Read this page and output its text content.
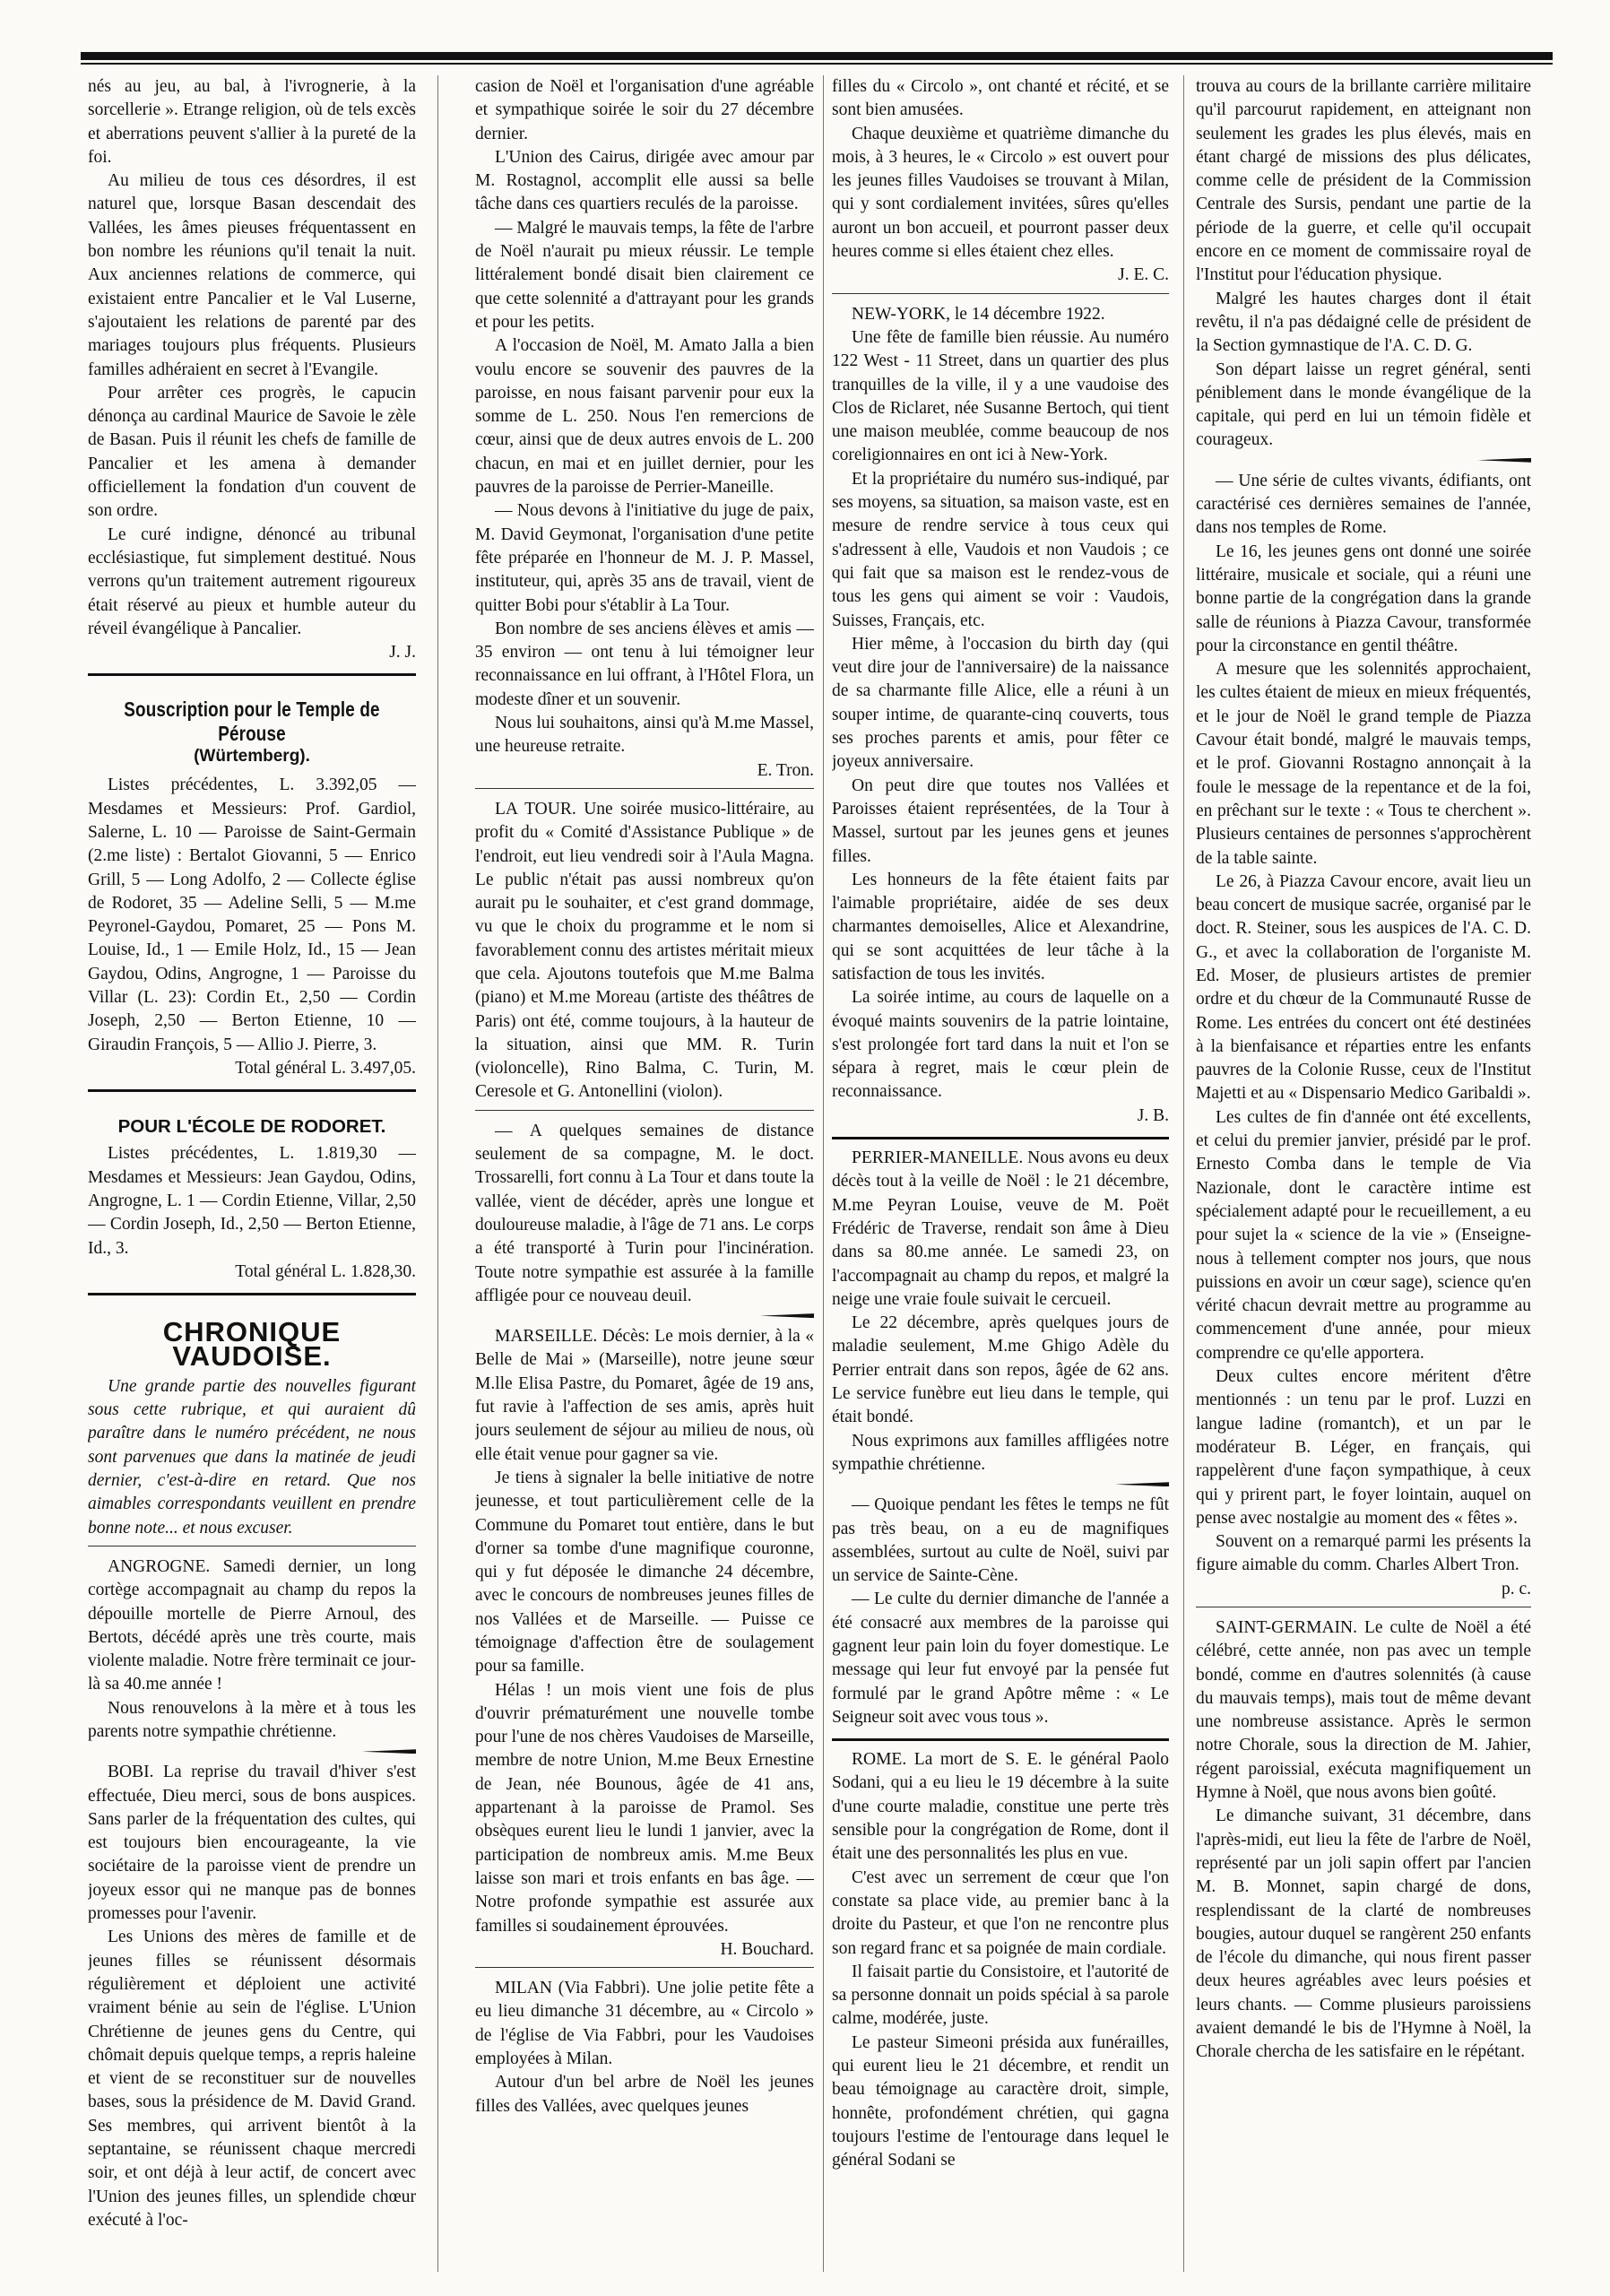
nés au jeu, au bal, à l'ivrognerie, à la sorcellerie ». Etrange religion, où de tels excès et aberrations peuvent s'allier à la pureté de la foi.

Au milieu de tous ces désordres, il est naturel que, lorsque Basan descendait des Vallées, les âmes pieuses fréquentassent en bon nombre les réunions qu'il tenait la nuit. Aux anciennes relations de commerce, qui existaient entre Pancalier et le Val Luserne, s'ajoutaient les relations de parenté par des mariages toujours plus fréquents. Plusieurs familles adhéraient en secret à l'Evangile.

Pour arrêter ces progrès, le capucin dénonça au cardinal Maurice de Savoie le zèle de Basan. Puis il réunit les chefs de famille de Pancalier et les amena à demander officiellement la fondation d'un couvent de son ordre.

Le curé indigne, dénoncé au tribunal ecclésiastique, fut simplement destitué. Nous verrons qu'un traitement autrement rigoureux était réservé au pieux et humble auteur du réveil évangélique à Pancalier.

J. J.

Souscription pour le Temple de Pérouse
(Würtemberg).

Listes précédentes, L. 3.392,05 — Mesdames et Messieurs: Prof. Gardiol, Salerne, L. 10 — Paroisse de Saint-Germain (2.me liste) : Bertalot Giovanni, 5 — Enrico Grill, 5 — Long Adolfo, 2 — Collecte église de Rodoret, 35 — Adeline Selli, 5 — M.me Peyronel-Gaydou, Pomaret, 25 — Pons M. Louise, Id., 1 — Emile Holz, Id., 15 — Jean Gaydou, Odins, Angrogne, 1 — Paroisse du Villar (L. 23): Cordin Et., 2,50 — Cordin Joseph, 2,50 — Berton Etienne, 10 — Giraudin François, 5 — Allio J. Pierre, 3.

Total général L. 3.497,05.

POUR L'ÉCOLE DE RODORET.

Listes précédentes, L. 1.819,30 — Mesdames et Messieurs: Jean Gaydou, Odins, Angrogne, L. 1 — Cordin Etienne, Villar, 2,50 — Cordin Joseph, Id., 2,50 — Berton Etienne, Id., 3.

Total général L. 1.828,30.

CHRONIQUE VAUDOISE.

Une grande partie des nouvelles figurant sous cette rubrique, et qui auraient dû paraître dans le numéro précédent, ne nous sont parvenues que dans la matinée de jeudi dernier, c'est-à-dire en retard. Que nos aimables correspondants veuillent en prendre bonne note... et nous excuser.

ANGROGNE. Samedi dernier, un long cortège accompagnait au champ du repos la dépouille mortelle de Pierre Arnoul, des Bertots, décédé après une très courte, mais violente maladie. Notre frère terminait ce jour-là sa 40.me année !

Nous renouvelons à la mère et à tous les parents notre sympathie chrétienne.

BOBI. La reprise du travail d'hiver s'est effectuée, Dieu merci, sous de bons auspices. Sans parler de la fréquentation des cultes, qui est toujours bien encourageante, la vie sociétaire de la paroisse vient de prendre un joyeux essor qui ne manque pas de bonnes promesses pour l'avenir.

Les Unions des mères de famille et de jeunes filles se réunissent désormais régulièrement et déploient une activité vraiment bénie au sein de l'église. L'Union Chrétienne de jeunes gens du Centre, qui chômait depuis quelque temps, a repris haleine et vient de se reconstituer sur de nouvelles bases, sous la présidence de M. David Grand. Ses membres, qui arrivent bientôt à la septantaine, se réunissent chaque mercredi soir, et ont déjà à leur actif, de concert avec l'Union des jeunes filles, un splendide chœur exécuté à l'oc-

casion de Noël et l'organisation d'une agréable et sympathique soirée le soir du 27 décembre dernier.

L'Union des Cairus, dirigée avec amour par M. Rostagnol, accomplit elle aussi sa belle tâche dans ces quartiers reculés de la paroisse.

— Malgré le mauvais temps, la fête de l'arbre de Noël n'aurait pu mieux réussir. Le temple littéralement bondé disait bien clairement ce que cette solennité a d'attrayant pour les grands et pour les petits.

A l'occasion de Noël, M. Amato Jalla a bien voulu encore se souvenir des pauvres de la paroisse, en nous faisant parvenir pour eux la somme de L. 250. Nous l'en remercions de cœur, ainsi que de deux autres envois de L. 200 chacun, en mai et en juillet dernier, pour les pauvres de la paroisse de Perrier-Maneille.

— Nous devons à l'initiative du juge de paix, M. David Geymonat, l'organisation d'une petite fête préparée en l'honneur de M. J. P. Massel, instituteur, qui, après 35 ans de travail, vient de quitter Bobi pour s'établir à La Tour.

Bon nombre de ses anciens élèves et amis — 35 environ — ont tenu à lui témoigner leur reconnaissance en lui offrant, à l'Hôtel Flora, un modeste dîner et un souvenir.

Nous lui souhaitons, ainsi qu'à M.me Massel, une heureuse retraite.

E. Tron.

LA TOUR. Une soirée musico-littéraire, au profit du « Comité d'Assistance Publique » de l'endroit, eut lieu vendredi soir à l'Aula Magna. Le public n'était pas aussi nombreux qu'on aurait pu le souhaiter, et c'est grand dommage, vu que le choix du programme et le nom si favorablement connu des artistes méritait mieux que cela. Ajoutons toutefois que M.me Balma (piano) et M.me Moreau (artiste des théâtres de Paris) ont été, comme toujours, à la hauteur de la situation, ainsi que MM. R. Turin (violoncelle), Rino Balma, C. Turin, M. Ceresole et G. Antonellini (violon).

— A quelques semaines de distance seulement de sa compagne, M. le doct. Trossarelli, fort connu à La Tour et dans toute la vallée, vient de décéder, après une longue et douloureuse maladie, à l'âge de 71 ans. Le corps a été transporté à Turin pour l'incinération. Toute notre sympathie est assurée à la famille affligée pour ce nouveau deuil.

MARSEILLE. Décès: Le mois dernier, à la « Belle de Mai » (Marseille), notre jeune sœur M.lle Elisa Pastre, du Pomaret, âgée de 19 ans, fut ravie à l'affection de ses amis, après huit jours seulement de séjour au milieu de nous, où elle était venue pour gagner sa vie.

Je tiens à signaler la belle initiative de notre jeunesse, et tout particulièrement celle de la Commune du Pomaret tout entière, dans le but d'orner sa tombe d'une magnifique couronne, qui y fut déposée le dimanche 24 décembre, avec le concours de nombreuses jeunes filles de nos Vallées et de Marseille. — Puisse ce témoignage d'affection être de soulagement pour sa famille.

Hélas ! un mois vient une fois de plus d'ouvrir prématurément une nouvelle tombe pour l'une de nos chères Vaudoises de Marseille, membre de notre Union, M.me Beux Ernestine de Jean, née Bounous, âgée de 41 ans, appartenant à la paroisse de Pramol. Ses obsèques eurent lieu le lundi 1 janvier, avec la participation de nombreux amis. M.me Beux laisse son mari et trois enfants en bas âge. — Notre profonde sympathie est assurée aux familles si soudainement éprouvées.

H. Bouchard.

MILAN (Via Fabbri). Une jolie petite fête a eu lieu dimanche 31 décembre, au « Circolo » de l'église de Via Fabbri, pour les Vaudoises employées à Milan.

Autour d'un bel arbre de Noël les jeunes filles des Vallées, avec quelques jeunes

filles du « Circolo », ont chanté et récité, et se sont bien amusées.

Chaque deuxième et quatrième dimanche du mois, à 3 heures, le « Circolo » est ouvert pour les jeunes filles Vaudoises se trouvant à Milan, qui y sont cordialement invitées, sûres qu'elles auront un bon accueil, et pourront passer deux heures comme si elles étaient chez elles.

J. E. C.

NEW-YORK, le 14 décembre 1922.

Une fête de famille bien réussie. Au numéro 122 West - 11 Street, dans un quartier des plus tranquilles de la ville, il y a une vaudoise des Clos de Riclaret, née Susanne Bertoch, qui tient une maison meublée, comme beaucoup de nos coreligionnaires en ont ici à New-York.

Et la propriétaire du numéro sus-indiqué, par ses moyens, sa situation, sa maison vaste, est en mesure de rendre service à tous ceux qui s'adressent à elle, Vaudois et non Vaudois ; ce qui fait que sa maison est le rendez-vous de tous les gens qui aiment se voir : Vaudois, Suisses, Français, etc.

Hier même, à l'occasion du birth day (qui veut dire jour de l'anniversaire) de la naissance de sa charmante fille Alice, elle a réuni à un souper intime, de quarante-cinq couverts, tous ses proches parents et amis, pour fêter ce joyeux anniversaire.

On peut dire que toutes nos Vallées et Paroisses étaient représentées, de la Tour à Massel, surtout par les jeunes gens et jeunes filles.

Les honneurs de la fête étaient faits par l'aimable propriétaire, aidée de ses deux charmantes demoiselles, Alice et Alexandrine, qui se sont acquittées de leur tâche à la satisfaction de tous les invités.

La soirée intime, au cours de laquelle on a évoqué maints souvenirs de la patrie lointaine, s'est prolongée fort tard dans la nuit et l'on se sépara à regret, mais le cœur plein de reconnaissance.

J. B.

PERRIER-MANEILLE. Nous avons eu deux décès tout à la veille de Noël : le 21 décembre, M.me Peyran Louise, veuve de M. Poët Frédéric de Traverse, rendait son âme à Dieu dans sa 80.me année. Le samedi 23, on l'accompagnait au champ du repos, et malgré la neige une vraie foule suivait le cercueil.

Le 22 décembre, après quelques jours de maladie seulement, M.me Ghigo Adèle du Perrier entrait dans son repos, âgée de 62 ans. Le service funèbre eut lieu dans le temple, qui était bondé.

Nous exprimons aux familles affligées notre sympathie chrétienne.

— Quoique pendant les fêtes le temps ne fût pas très beau, on a eu de magnifiques assemblées, surtout au culte de Noël, suivi par un service de Sainte-Cène.

— Le culte du dernier dimanche de l'année a été consacré aux membres de la paroisse qui gagnent leur pain loin du foyer domestique. Le message qui leur fut envoyé par la pensée fut formulé par le grand Apôtre même : « Le Seigneur soit avec vous tous ».

ROME. La mort de S. E. le général Paolo Sodani, qui a eu lieu le 19 décembre à la suite d'une courte maladie, constitue une perte très sensible pour la congrégation de Rome, dont il était une des personnalités les plus en vue.

C'est avec un serrement de cœur que l'on constate sa place vide, au premier banc à la droite du Pasteur, et que l'on ne rencontre plus son regard franc et sa poignée de main cordiale.

Il faisait partie du Consistoire, et l'autorité de sa personne donnait un poids spécial à sa parole calme, modérée, juste.

Le pasteur Simeoni présida aux funérailles, qui eurent lieu le 21 décembre, et rendit un beau témoignage au caractère droit, simple, honnête, profondément chrétien, qui gagna toujours l'estime de l'entourage dans lequel le général Sodani se

trouva au cours de la brillante carrière militaire qu'il parcourut rapidement, en atteignant non seulement les grades les plus élevés, mais en étant chargé de missions des plus délicates, comme celle de président de la Commission Centrale des Sursis, pendant une partie de la période de la guerre, et celle qu'il occupait encore en ce moment de commissaire royal de l'Institut pour l'éducation physique.

Malgré les hautes charges dont il était revêtu, il n'a pas dédaigné celle de président de la Section gymnastique de l'A. C. D. G.

Son départ laisse un regret général, senti péniblement dans le monde évangélique de la capitale, qui perd en lui un témoin fidèle et courageux.

— Une série de cultes vivants, édifiants, ont caractérisé ces dernières semaines de l'année, dans nos temples de Rome.

Le 16, les jeunes gens ont donné une soirée littéraire, musicale et sociale, qui a réuni une bonne partie de la congrégation dans la grande salle de réunions à Piazza Cavour, transformée pour la circonstance en gentil théâtre.

A mesure que les solennités approchaient, les cultes étaient de mieux en mieux fréquentés, et le jour de Noël le grand temple de Piazza Cavour était bondé, malgré le mauvais temps, et le prof. Giovanni Rostagno annonçait à la foule le message de la repentance et de la foi, en prêchant sur le texte : « Tous te cherchent ». Plusieurs centaines de personnes s'approchèrent de la table sainte.

Le 26, à Piazza Cavour encore, avait lieu un beau concert de musique sacrée, organisé par le doct. R. Steiner, sous les auspices de l'A. C. D. G., et avec la collaboration de l'organiste M. Ed. Moser, de plusieurs artistes de premier ordre et du chœur de la Communauté Russe de Rome. Les entrées du concert ont été destinées à la bienfaisance et réparties entre les enfants pauvres de la Colonie Russe, ceux de l'Institut Majetti et au « Dispensario Medico Garibaldi ».

Les cultes de fin d'année ont été excellents, et celui du premier janvier, présidé par le prof. Ernesto Comba dans le temple de Via Nazionale, dont le caractère intime est spécialement adapté pour le recueillement, a eu pour sujet la « science de la vie » (Enseigne-nous à tellement compter nos jours, que nous puissions en avoir un cœur sage), science qu'en vérité chacun devrait mettre au programme au commencement d'une année, pour mieux comprendre ce qu'elle apportera.

Deux cultes encore méritent d'être mentionnés : un tenu par le prof. Luzzi en langue ladine (romantch), et un par le modérateur B. Léger, en français, qui rappelèrent d'une façon sympathique, à ceux qui y prirent part, le foyer lointain, auquel on pense avec nostalgie au moment des « fêtes ».

Souvent on a remarqué parmi les présents la figure aimable du comm. Charles Albert Tron.

p. c.

SAINT-GERMAIN. Le culte de Noël a été célébré, cette année, non pas avec un temple bondé, comme en d'autres solennités (à cause du mauvais temps), mais tout de même devant une nombreuse assistance. Après le sermon notre Chorale, sous la direction de M. Jahier, régent paroissial, exécuta magnifiquement un Hymne à Noël, que nous avons bien goûté.

Le dimanche suivant, 31 décembre, dans l'après-midi, eut lieu la fête de l'arbre de Noël, représenté par un joli sapin offert par l'ancien M. B. Monnet, sapin chargé de dons, resplendissant de la clarté de nombreuses bougies, autour duquel se rangèrent 250 enfants de l'école du dimanche, qui nous firent passer deux heures agréables avec leurs poésies et leurs chants. — Comme plusieurs paroissiens avaient demandé le bis de l'Hymne à Noël, la Chorale chercha de les satisfaire en le répétant.
